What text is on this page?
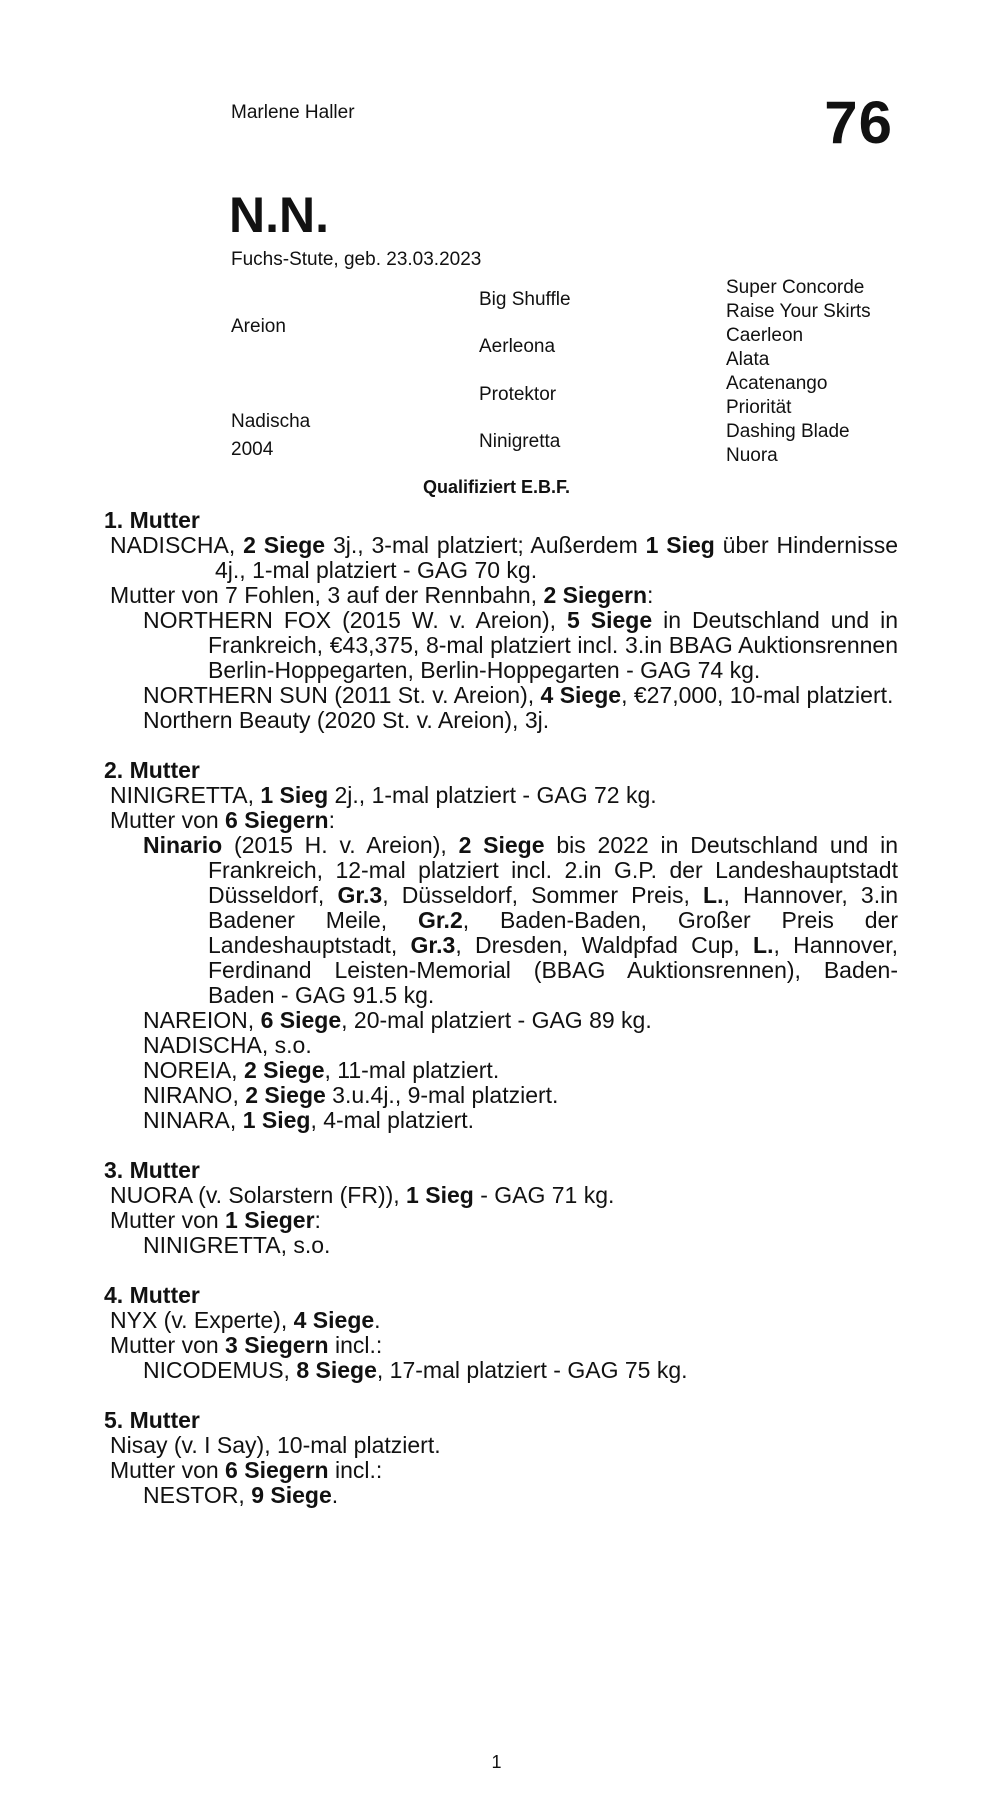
Marlene Haller	76
N.N.
Fuchs-Stute, geb. 23.03.2023
Areion
Nadischa
2004
Big Shuffle
Aerleona
Protektor
Ninigretta
Super Concorde
Raise Your Skirts
Caerleon
Alata
Acatenango
Priorität
Dashing Blade
Nuora
Qualifiziert E.B.F.
1. Mutter

NADISCHA, 2 Siege 3j., 3-mal platziert; Außerdem 1 Sieg über Hindernisse 4j., 1-mal platziert - GAG 70 kg.

Mutter von 7 Fohlen, 3 auf der Rennbahn, 2 Siegern:

NORTHERN FOX (2015 W. v. Areion), 5 Siege in Deutschland und in Frankreich, €43,375, 8-mal platziert incl. 3.in BBAG Auktionsrennen Berlin-Hoppegarten, Berlin-Hoppegarten - GAG 74 kg.

NORTHERN SUN (2011 St. v. Areion), 4 Siege, €27,000, 10-mal platziert.

Northern Beauty (2020 St. v. Areion), 3j.

2. Mutter

NINIGRETTA, 1 Sieg 2j., 1-mal platziert - GAG 72 kg.

Mutter von 6 Siegern:

Ninario (2015 H. v. Areion), 2 Siege bis 2022 in Deutschland und in Frankreich, 12-mal platziert incl. 2.in G.P. der Landeshauptstadt Düsseldorf, Gr.3, Düsseldorf, Sommer Preis, L., Hannover, 3.in Badener Meile, Gr.2, Baden-Baden, Großer Preis der Landeshauptstadt, Gr.3, Dresden, Waldpfad Cup, L., Hannover, Ferdinand Leisten-Memorial (BBAG Auktionsrennen), Baden-Baden - GAG 91.5 kg.

NAREION, 6 Siege, 20-mal platziert - GAG 89 kg.

NADISCHA, s.o.

NOREIA, 2 Siege, 11-mal platziert.

NIRANO, 2 Siege 3.u.4j., 9-mal platziert.

NINARA, 1 Sieg, 4-mal platziert.

3. Mutter

NUORA (v. Solarstern (FR)), 1 Sieg - GAG 71 kg.

Mutter von 1 Sieger:

NINIGRETTA, s.o.

4. Mutter

NYX (v. Experte), 4 Siege.

Mutter von 3 Siegern incl.:

NICODEMUS, 8 Siege, 17-mal platziert - GAG 75 kg.

5. Mutter

Nisay (v. I Say), 10-mal platziert.

Mutter von 6 Siegern incl.:

NESTOR, 9 Siege.

1
